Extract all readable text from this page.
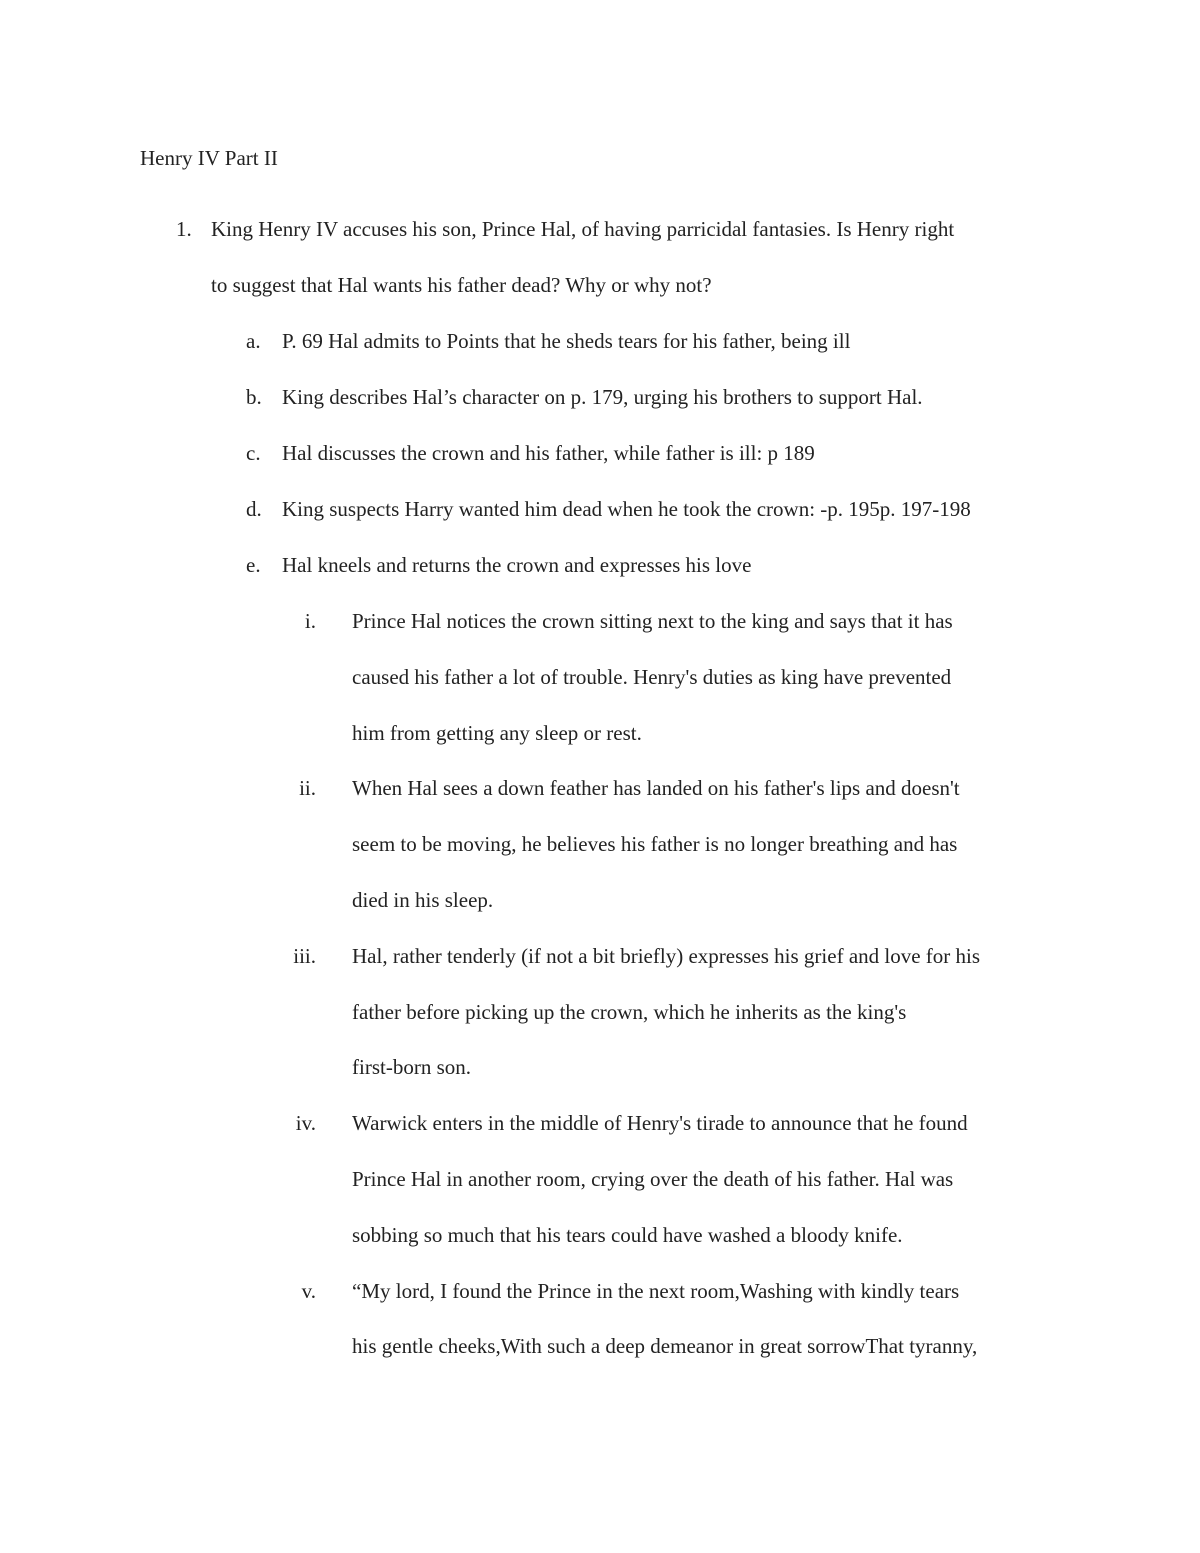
Henry IV Part II
1. King Henry IV accuses his son, Prince Hal, of having parricidal fantasies. Is Henry right
to suggest that Hal wants his father dead? Why or why not?
a. P. 69 Hal admits to Points that he sheds tears for his father, being ill
b. King describes Hal’s character on p. 179, urging his brothers to support Hal.
c. Hal discusses the crown and his father, while father is ill: p 189
d. King suspects Harry wanted him dead when he took the crown: -p. 195p. 197-198
e. Hal kneels and returns the crown and expresses his love
i. Prince Hal notices the crown sitting next to the king and says that it has
caused his father a lot of trouble. Henry's duties as king have prevented
him from getting any sleep or rest.
ii. When Hal sees a down feather has landed on his father's lips and doesn't
seem to be moving, he believes his father is no longer breathing and has
died in his sleep.
iii. Hal, rather tenderly (if not a bit briefly) expresses his grief and love for his
father before picking up the crown, which he inherits as the king's
first-born son.
iv. Warwick enters in the middle of Henry's tirade to announce that he found
Prince Hal in another room, crying over the death of his father. Hal was
sobbing so much that his tears could have washed a bloody knife.
v. “My lord, I found the Prince in the next room,Washing with kindly tears
his gentle cheeks,With such a deep demeanor in great sorrowThat tyranny,
